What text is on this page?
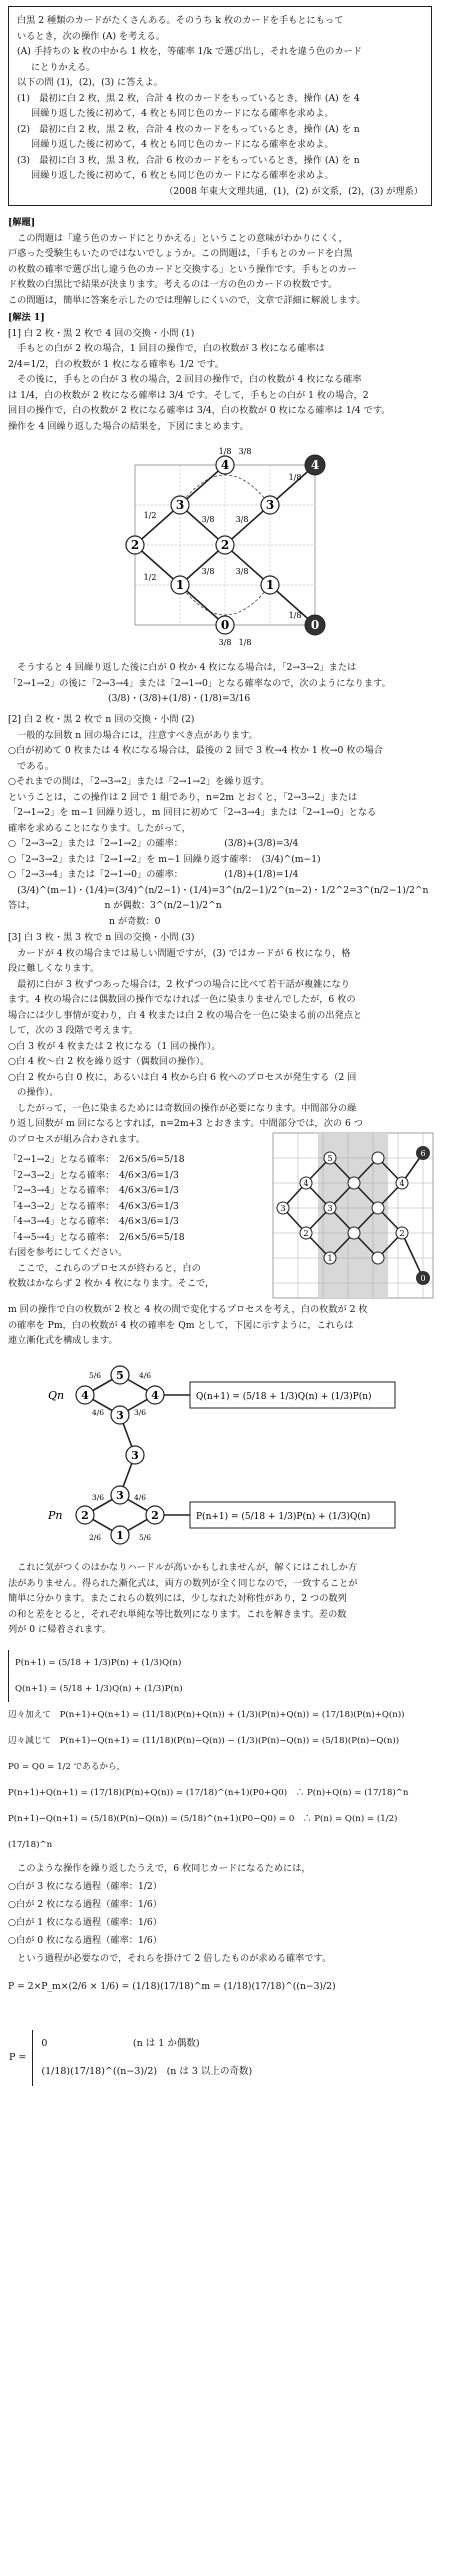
白黒 2 種類のカードがたくさんある。そのうち k 枚のカードを手もとにもって

いるとき，次の操作 (A) を考える。

(A) 手持ちの k 枚の中から 1 枚を，等確率 1/k で選び出し，それを違う色のカード

にとりかえる。

以下の問 (1)，(2)，(3) に答えよ。

(1)　最初に白 2 枚，黒 2 枚，合計 4 枚のカードをもっているとき，操作 (A) を 4

回繰り返した後に初めて，4 枚とも同じ色のカードになる確率を求めよ。

(2)　最初に白 2 枚，黒 2 枚，合計 4 枚のカードをもっているとき，操作 (A) を n

回繰り返した後に初めて，4 枚とも同じ色のカードになる確率を求めよ。

(3)　最初に白 3 枚，黒 3 枚，合計 6 枚のカードをもっているとき，操作 (A) を n

回繰り返した後に初めて，6 枚とも同じ色のカードになる確率を求めよ。

（2008 年東大文理共通，(1)，(2) が文系，(2)，(3) が理系）

[解題]

　この問題は「違う色のカードにとりかえる」ということの意味がわかりにくく，

戸惑った受験生もいたのではないでしょうか。この問題は，「手もとのカードを白黒

の枚数の確率で選び出し違う色のカードと交換する」という操作です。手もとのカー

ド枚数の白黒比で結果が決まります。考えるのは一方の色のカードの枚数です。

この問題は，簡単に答案を示したのでは理解しにくいので，文章で詳細に解説します。

[解法 1]

[1] 白 2 枚・黒 2 枚で 4 回の交換・小問 (1)

　手もとの白が 2 枚の場合，1 回目の操作で，白の枚数が 3 枚になる確率は

2/4=1/2，白の枚数が 1 枚になる確率も 1/2 です。

　その後に，手もとの白が 3 枚の場合，2 回目の操作で，白の枚数が 4 枚になる確率

は 1/4，白の枚数が 2 枚になる確率は 3/4 です。そして，手もとの白が 1 枚の場合，2

回目の操作で，白の枚数が 2 枚になる確率は 3/4，白の枚数が 0 枚になる確率は 1/4 です。

操作を 4 回繰り返した場合の結果を，下図にまとめます。

2
3
1
2
3
1
4
0
4
0
1/2
1/2
3/8
3/8
3/8
3/8
1/8
1/8
1/8 3/8
3/8 1/8

　そうすると 4 回繰り返した後に白が 0 枚か 4 枚になる場合は，「2→3→2」または

「2→1→2」の後に「2→3→4」または「2→1→0」となる確率なので，次のようになります。

(3/8)・(3/8)+(1/8)・(1/8)=3/16

[2] 白 2 枚・黒 2 枚で n 回の交換・小問 (2)

　一般的な回数 n 回の場合には，注意すべき点があります。

○白が初めて 0 枚または 4 枚になる場合は，最後の 2 回で 3 枚→4 枚か 1 枚→0 枚の場合

　である。

○それまでの間は，「2→3→2」または「2→1→2」を繰り返す。

ということは，この操作は 2 回で 1 組であり，n=2m とおくと，「2→3→2」または

「2→1→2」を m−1 回繰り返し，m 回目に初めて「2→3→4」または「2→1→0」となる

確率を求めることになります。したがって，

○「2→3→2」または「2→1→2」の確率：　　　　　(3/8)+(3/8)=3/4

○「2→3→2」または「2→1→2」を m−1 回繰り返す確率：　(3/4)^(m−1)

○「2→3→4」または「2→1→0」の確率：　　　　　(1/8)+(1/8)=1/4

　(3/4)^(m−1)・(1/4)=(3/4)^(n/2−1)・(1/4)=3^(n/2−1)/2^(n−2)・1/2^2=3^(n/2−1)/2^n

答は，　　　　　　　　n が偶数：3^(n/2−1)/2^n

　　　　　　　　　　　n が奇数：0

[3] 白 3 枚・黒 3 枚で n 回の交換・小問 (3)

　カードが 4 枚の場合までは易しい問題ですが，(3) ではカードが 6 枚になり，格

段に難しくなります。

　最初に白が 3 枚ずつあった場合は，2 枚ずつの場合に比べて若干話が複雑になり

ます。4 枚の場合には偶数回の操作でなければ一色に染まりませんでしたが，6 枚の

場合には少し事情が変わり，白 4 枚または白 2 枚の場合を一色に染まる前の出発点と

して，次の 3 段階で考えます。

○白 3 枚が 4 枚または 2 枚になる（1 回の操作）。

○白 4 枚～白 2 枚を繰り返す（偶数回の操作）。

○白 2 枚から白 0 枚に，あるいは白 4 枚から白 6 枚へのプロセスが発生する（2 回

　の操作）。

　したがって，一色に染まるためには奇数回の操作が必要になります。中間部分の繰

り返し回数が m 回になるとすれば，n=2m+3 とおきます。中間部分では，次の 6 つ

のプロセスが組み合わされます。

「2→1→2」となる確率：　 2/6×5/6=5/18

「2→3→2」となる確率：　 4/6×3/6=1/3

「2→3→4」となる確率：　 4/6×3/6=1/3

「4→3→2」となる確率：　 4/6×3/6=1/3

「4→3→4」となる確率：　 4/6×3/6=1/3

「4→5→4」となる確率：　 2/6×5/6=5/18

右図を参考にしてください。

　ここで，これらのプロセスが終わると，白の

枚数はかならず 2 枚か 4 枚になります。そこで，

3
4
2
5
3
1
6
4
2
0

m 回の操作で白の枚数が 2 枚と 4 枚の間で変化するプロセスを考え，白の枚数が 2 枚

の確率を Pm，白の枚数が 4 枚の確率を Qm として，下図に示すように，これらは

連立漸化式を構成します。

4
5
4
3
3
3
2
1
2
5/6	4/6
4/6	3/6
3/6	4/6
2/6	5/6
Qn
Pn
Q(n+1) = (5/18 + 1/3)Q(n) + (1/3)P(n)
P(n+1) = (5/18 + 1/3)P(n) + (1/3)Q(n)

　これに気がつくのはかなりハードルが高いかもしれませんが，解くにはこれしか方

法がありません。得られた漸化式は，両方の数列が全く同じなので，一致することが

簡単に分かります。またこれらの数列には，少しなれた対称性があり，2 つの数列

の和と差をとると，それぞれ単純な等比数列になります。これを解きます。差の数

列が 0 に帰着されます。

P(n+1) = (5/18 + 1/3)P(n) + (1/3)Q(n)

Q(n+1) = (5/18 + 1/3)Q(n) + (1/3)P(n)

辺々加えて　P(n+1)+Q(n+1) = (11/18)(P(n)+Q(n)) + (1/3)(P(n)+Q(n)) = (17/18)(P(n)+Q(n))

辺々減じて　P(n+1)−Q(n+1) = (11/18)(P(n)−Q(n)) − (1/3)(P(n)−Q(n)) = (5/18)(P(n)−Q(n))

P0 = Q0 = 1/2 であるから，

P(n+1)+Q(n+1) = (17/18)(P(n)+Q(n)) = (17/18)^(n+1)(P0+Q0)　∴ P(n)+Q(n) = (17/18)^n

P(n+1)−Q(n+1) = (5/18)(P(n)−Q(n)) = (5/18)^(n+1)(P0−Q0) = 0　∴ P(n) = Q(n) = (1/2)(17/18)^n

　このような操作を繰り返したうえで，6 枚同じカードになるためには，

○白が 3 枚になる過程（確率：1/2）

○白が 2 枚になる過程（確率：1/6）

○白が 1 枚になる過程（確率：1/6）

○白が 0 枚になる過程（確率：1/6）

　という過程が必要なので，それらを掛けて 2 倍したものが求める確率です。

P = 2×P_m×(2/6 × 1/6) = (1/18)(17/18)^m = (1/18)(17/18)^((n−3)/2)

P =	0　　　　　　　　　(n は 1 か偶数)
(1/18)(17/18)^((n−3)/2)　(n は 3 以上の奇数)
